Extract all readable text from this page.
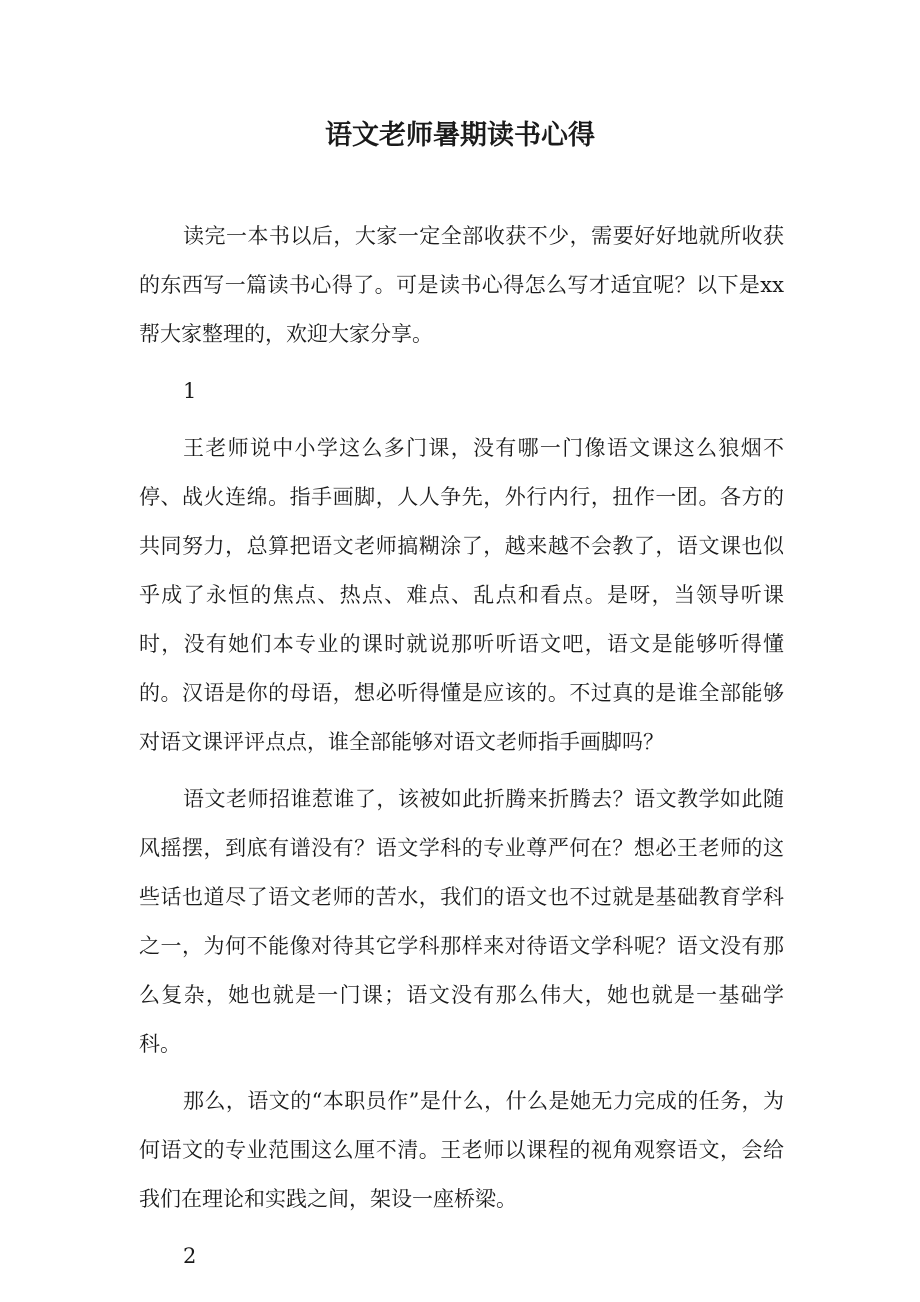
语文老师暑期读书心得

读完一本书以后，大家一定全部收获不少，需要好好地就所收获的东西写一篇读书心得了。可是读书心得怎么写才适宜呢？以下是xx帮大家整理的，欢迎大家分享。

1

王老师说中小学这么多门课，没有哪一门像语文课这么狼烟不停、战火连绵。指手画脚，人人争先，外行内行，扭作一团。各方的共同努力，总算把语文老师搞糊涂了，越来越不会教了，语文课也似乎成了永恒的焦点、热点、难点、乱点和看点。是呀，当领导听课时，没有她们本专业的课时就说那听听语文吧，语文是能够听得懂的。汉语是你的母语，想必听得懂是应该的。不过真的是谁全部能够对语文课评评点点，谁全部能够对语文老师指手画脚吗？

语文老师招谁惹谁了，该被如此折腾来折腾去？语文教学如此随风摇摆，到底有谱没有？语文学科的专业尊严何在？想必王老师的这些话也道尽了语文老师的苦水，我们的语文也不过就是基础教育学科之一，为何不能像对待其它学科那样来对待语文学科呢？语文没有那么复杂，她也就是一门课；语文没有那么伟大，她也就是一基础学科。

那么，语文的“本职员作”是什么，什么是她无力完成的任务，为何语文的专业范围这么厘不清。王老师以课程的视角观察语文，会给我们在理论和实践之间，架设一座桥梁。

2
